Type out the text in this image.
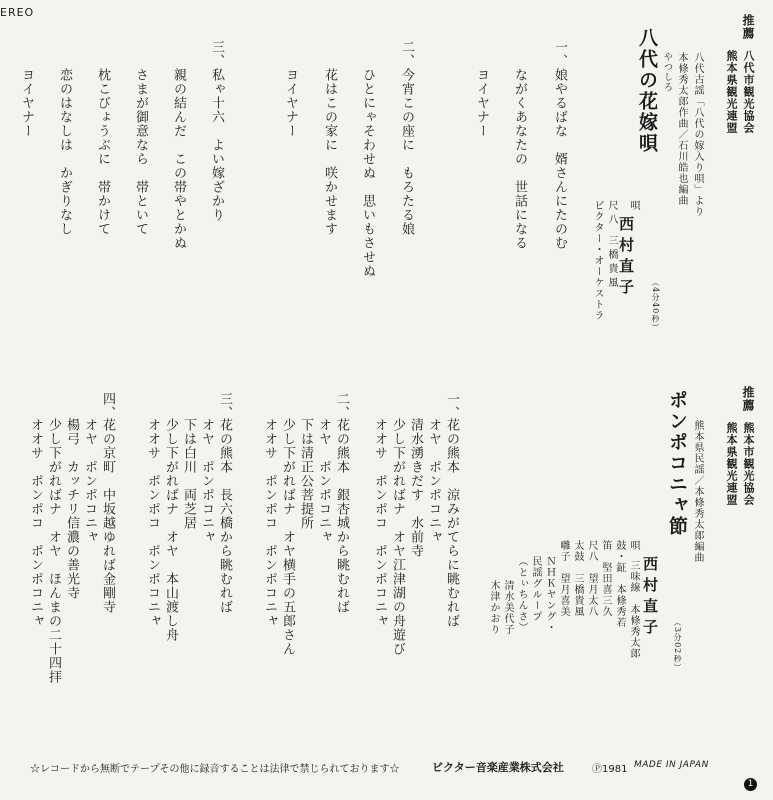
EREO
推薦
八代市観光協会
熊本県観光連盟
八代古謡「八代の嫁入り唄」より
本條秀太郎作曲／石川皓也編曲
やつしろ
八代の花嫁唄
唄
西村直子
尺八 三橋貴風
ビクター・オーケストラ	（4分40秒）
一、
娘やるばな　婿さんにたのむ
ながくあなたの　世話になる
ヨイヤナー
二、
今宵この座に　もろたる娘
ひとにゃそわせぬ　思いもさせぬ
花はこの家に　咲かせます
ヨイヤナー
三、
私ゃ十六　よい嫁ざかり
親の結んだ　この帯やとかぬ
さまが御意なら　帯といて
枕こびょうぶに　帯かけて
恋のはなしは　かぎりなし
ヨイヤナー
推薦
熊本市観光協会
熊本県観光連盟
熊本県民謡／本條秀太郎編曲
ポンポコニャ節
唄
西村直子
（3分02秒）
三味線　本條秀太郎
鼓・鉦　本條秀若
笛　堅田喜三久
尺八　望月太八
太鼓　三橋貴風
囃子　望月喜美
ＮＨＫヤング・
民謡グループ
（とぃちんさ）
清水美代子
木津かおり
一、
花の熊本　涼みがてらに眺むれば
オヤ　ポンポコニャ
清水湧きだす　水前寺
少し下がればナ　オヤ江津湖の舟遊び
オオサ　ポンポコ　ポンポコニャ
二、
花の熊本　銀杏城から眺むれば
オヤ　ポンポコニャ
下は清正公菩提所
少し下がればナ　オヤ横手の五郎さん
オオサ　ポンポコ　ポンポコニャ
三、
花の熊本　長六橋から眺むれば
オヤ　ポンポコニャ
下は白川　両芝居
少し下がればナ　オヤ　本山渡し舟
オオサ　ポンポコ　ポンポコニャ
四、
花の京町　中坂越ゆれば金剛寺
オヤ　ポンポコニャ
楊弓　カッチリ信濃の善光寺
少し下がればナ　オヤ　ほんまの二十四拝
オオサ　ポンポコ　ポンポコニャ
☆レコードから無断でテープその他に録音することは法律で禁じられております☆	ビクター音楽産業株式会社	Ⓟ1981 MADE IN JAPAN
1
